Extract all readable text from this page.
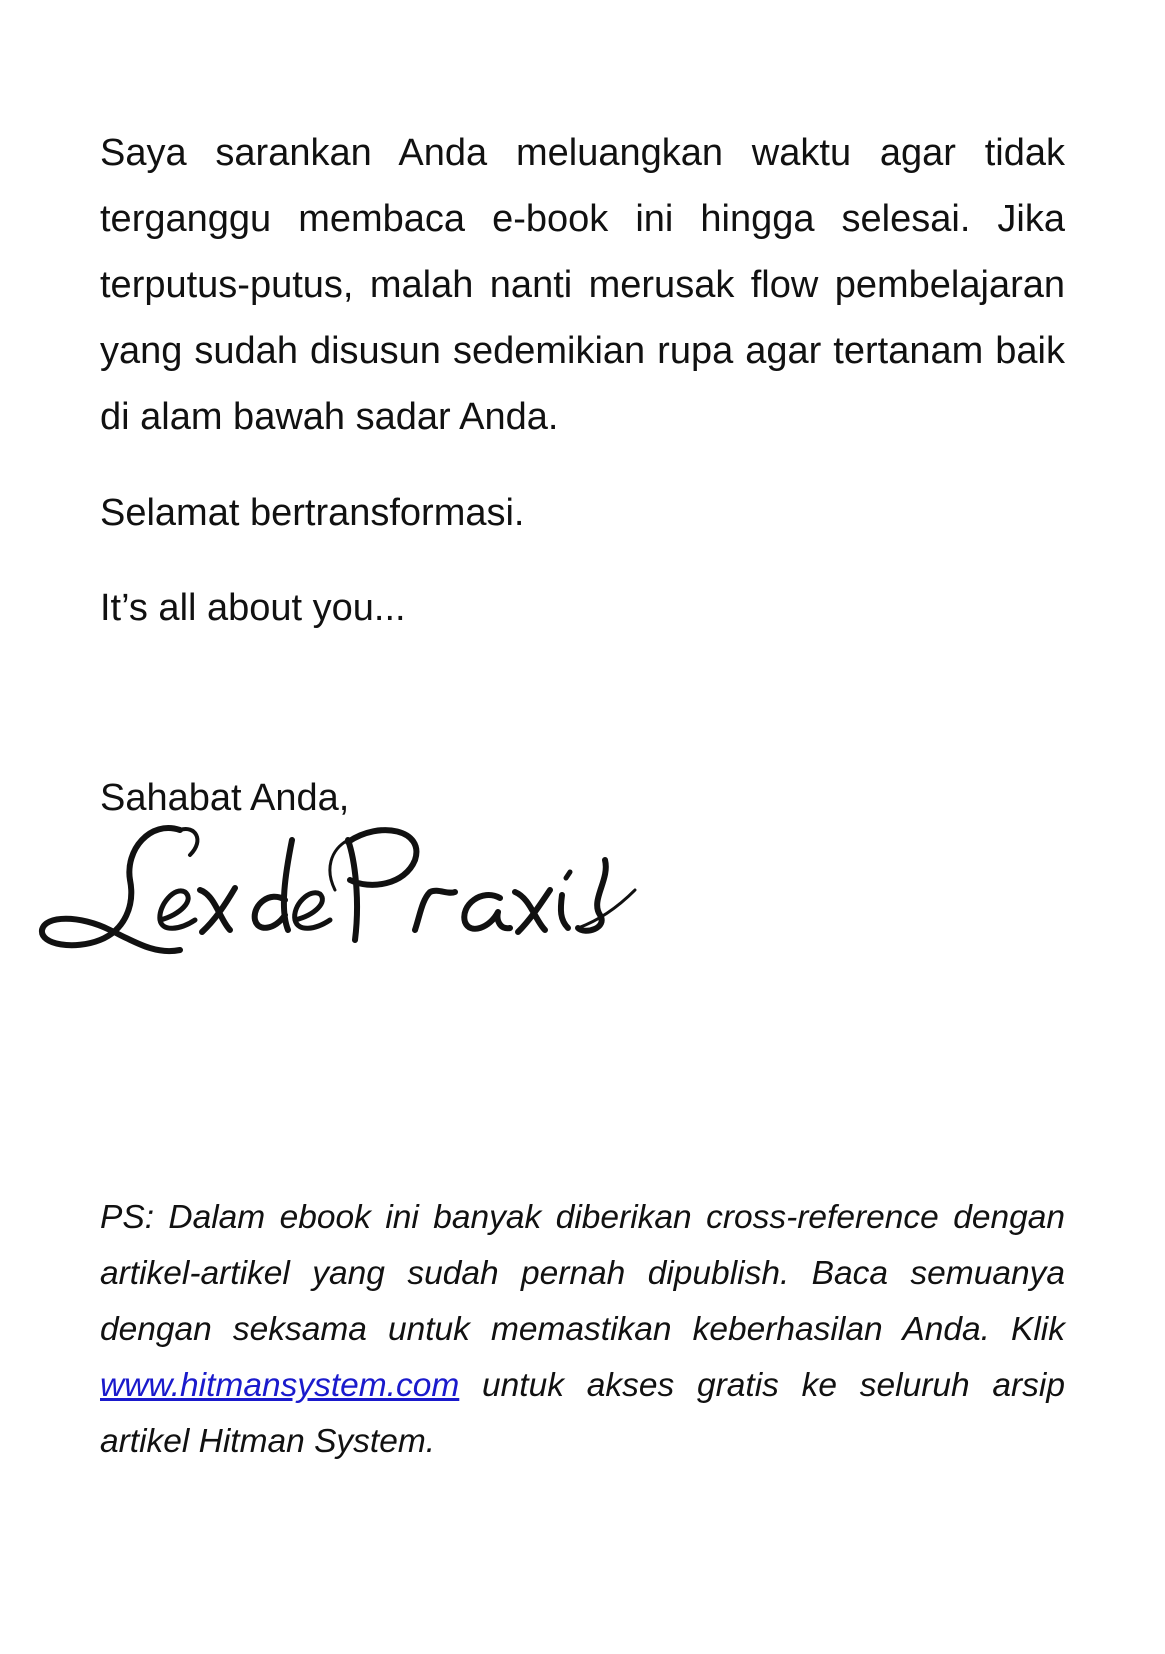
Saya sarankan Anda meluangkan waktu agar tidak terganggu membaca e-book ini hingga selesai. Jika terputus-putus, malah nanti merusak flow pembelajaran yang sudah disusun sedemikian rupa agar tertanam baik di alam bawah sadar Anda.

Selamat bertransformasi.

It’s all about you...

Sahabat Anda,

PS: Dalam ebook ini banyak diberikan cross-reference dengan artikel-artikel yang sudah pernah dipublish. Baca semuanya dengan seksama untuk memastikan keberhasilan Anda. Klik www.hitmansystem.com untuk akses gratis ke seluruh arsip artikel Hitman System.
